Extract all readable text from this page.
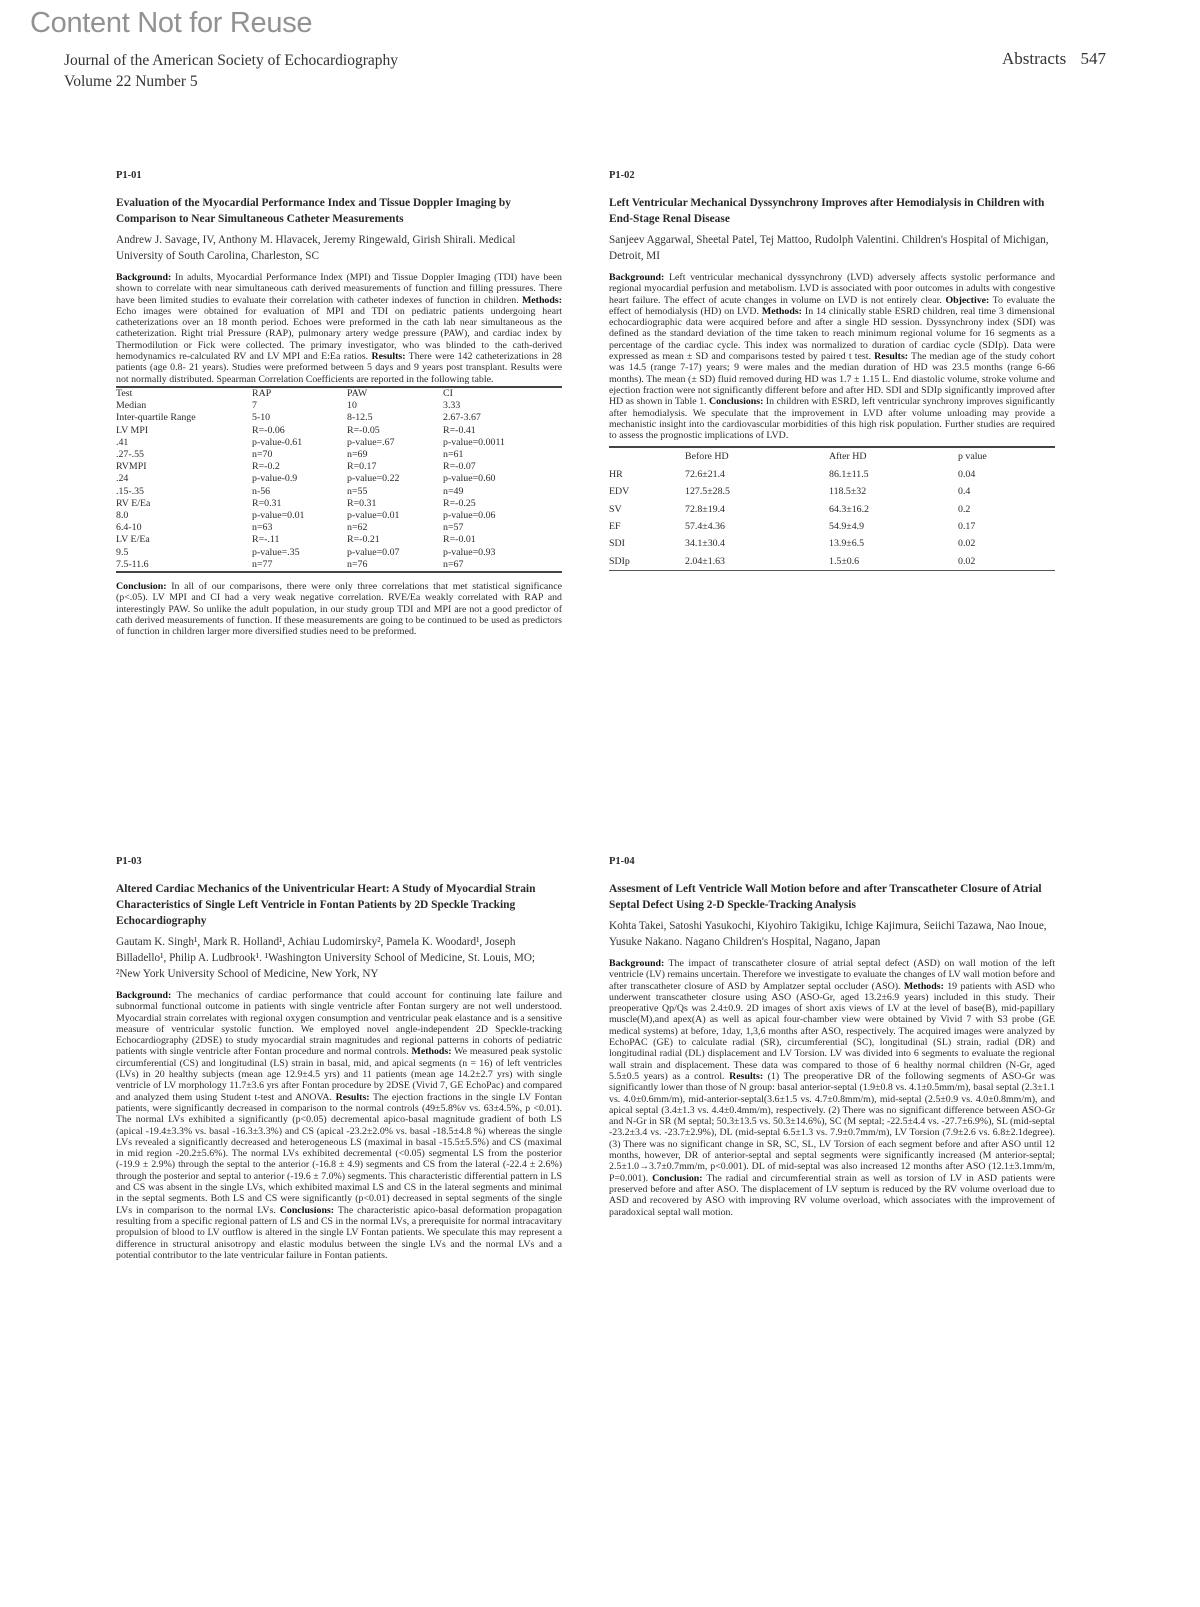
Content Not for Reuse
Journal of the American Society of Echocardiography
Volume 22 Number 5
Abstracts 547
P1-01
Evaluation of the Myocardial Performance Index and Tissue Doppler Imaging by Comparison to Near Simultaneous Catheter Measurements
Andrew J. Savage, IV, Anthony M. Hlavacek, Jeremy Ringewald, Girish Shirali. Medical University of South Carolina, Charleston, SC

Background: In adults, Myocardial Performance Index (MPI) and Tissue Doppler Imaging (TDI) have been shown to correlate with near simultaneous cath derived measurements of function and filling pressures. There have been limited studies to evaluate their correlation with catheter indexes of function in children. Methods: Echo images were obtained for evaluation of MPI and TDI on pediatric patients undergoing heart catheterizations over an 18 month period. Echoes were preformed in the cath lab near simultaneous as the catheterization. Right trial Pressure (RAP), pulmonary artery wedge pressure (PAW), and cardiac index by Thermodilution or Fick were collected. The primary investigator, who was blinded to the cath-derived hemodynamics re-calculated RV and LV MPI and E:Ea ratios. Results: There were 142 catheterizations in 28 patients (age 0.8- 21 years). Studies were preformed between 5 days and 9 years post transplant. Results were not normally distributed. Spearman Correlation Coefficients are reported in the following table.

Test	RAP	PAW	CI
Median	7	10	3.33
Inter-quartile Range	5-10	8-12.5	2.67-3.67
LV MPI	R=-0.06	R=-0.05	R=-0.41
.41	p-value-0.61	p-value=.67	p-value=0.0011
.27-.55	n=70	n=69	n=61
RVMPI	R=-0.2	R=0.17	R=-0.07
.24	p-value-0.9	p-value=0.22	p-value=0.60
.15-.35	n-56	n=55	n=49
RV E/Ea	R=0.31	R=0.31	R=-0.25
8.0	p-value=0.01	p-value=0.01	p-value=0.06
6.4-10	n=63	n=62	n=57
LV E/Ea	R=-.11	R=-0.21	R=-0.01
9.5	p-value=.35	p-value=0.07	p-value=0.93
7.5-11.6	n=77	n=76	n=67

Conclusion: In all of our comparisons, there were only three correlations that met statistical significance (p<.05). LV MPI and CI had a very weak negative correlation. RVE/Ea weakly correlated with RAP and interestingly PAW. So unlike the adult population, in our study group TDI and MPI are not a good predictor of cath derived measurements of function. If these measurements are going to be continued to be used as predictors of function in children larger more diversified studies need to be preformed.

P1-02
Left Ventricular Mechanical Dyssynchrony Improves after Hemodialysis in Children with End-Stage Renal Disease
Sanjeev Aggarwal, Sheetal Patel, Tej Mattoo, Rudolph Valentini. Children's Hospital of Michigan, Detroit, MI

Background: Left ventricular mechanical dyssynchrony (LVD) adversely affects systolic performance and regional myocardial perfusion and metabolism. LVD is associated with poor outcomes in adults with congestive heart failure. The effect of acute changes in volume on LVD is not entirely clear. Objective: To evaluate the effect of hemodialysis (HD) on LVD. Methods: In 14 clinically stable ESRD children, real time 3 dimensional echocardiographic data were acquired before and after a single HD session. Dyssynchrony index (SDI) was defined as the standard deviation of the time taken to reach minimum regional volume for 16 segments as a percentage of the cardiac cycle. This index was normalized to duration of cardiac cycle (SDIp). Data were expressed as mean ± SD and comparisons tested by paired t test. Results: The median age of the study cohort was 14.5 (range 7-17) years; 9 were males and the median duration of HD was 23.5 months (range 6-66 months). The mean (± SD) fluid removed during HD was 1.7 ± 1.15 L. End diastolic volume, stroke volume and ejection fraction were not significantly different before and after HD. SDI and SDIp significantly improved after HD as shown in Table 1. Conclusions: In children with ESRD, left ventricular synchrony improves significantly after hemodialysis. We speculate that the improvement in LVD after volume unloading may provide a mechanistic insight into the cardiovascular morbidities of this high risk population. Further studies are required to assess the prognostic implications of LVD.

	Before HD	After HD	p value
HR	72.6±21.4	86.1±11.5	0.04
EDV	127.5±28.5	118.5±32	0.4
SV	72.8±19.4	64.3±16.2	0.2
EF	57.4±4.36	54.9±4.9	0.17
SDI	34.1±30.4	13.9±6.5	0.02
SDIp	2.04±1.63	1.5±0.6	0.02
P1-03
Altered Cardiac Mechanics of the Univentricular Heart: A Study of Myocardial Strain Characteristics of Single Left Ventricle in Fontan Patients by 2D Speckle Tracking Echocardiography
Gautam K. Singh¹, Mark R. Holland¹, Achiau Ludomirsky², Pamela K. Woodard¹, Joseph Billadello¹, Philip A. Ludbrook¹. ¹Washington University School of Medicine, St. Louis, MO; ²New York University School of Medicine, New York, NY

Background: The mechanics of cardiac performance that could account for continuing late failure and subnormal functional outcome in patients with single ventricle after Fontan surgery are not well understood. Myocardial strain correlates with regional oxygen consumption and ventricular peak elastance and is a sensitive measure of ventricular systolic function. We employed novel angle-independent 2D Speckle-tracking Echocardiography (2DSE) to study myocardial strain magnitudes and regional patterns in cohorts of pediatric patients with single ventricle after Fontan procedure and normal controls. Methods: We measured peak systolic circumferential (CS) and longitudinal (LS) strain in basal, mid, and apical segments (n = 16) of left ventricles (LVs) in 20 healthy subjects (mean age 12.9±4.5 yrs) and 11 patients (mean age 14.2±2.7 yrs) with single ventricle of LV morphology 11.7±3.6 yrs after Fontan procedure by 2DSE (Vivid 7, GE EchoPac) and compared and analyzed them using Student t-test and ANOVA. Results: The ejection fractions in the single LV Fontan patients, were significantly decreased in comparison to the normal controls (49±5.8%v vs. 63±4.5%, p <0.01). The normal LVs exhibited a significantly (p<0.05) decremental apico-basal magnitude gradient of both LS (apical -19.4±3.3% vs. basal -16.3±3.3%) and CS (apical -23.2±2.0% vs. basal -18.5±4.8 %) whereas the single LVs revealed a significantly decreased and heterogeneous LS (maximal in basal -15.5±5.5%) and CS (maximal in mid region -20.2±5.6%). The normal LVs exhibited decremental (<0.05) segmental LS from the posterior (-19.9 ± 2.9%) through the septal to the anterior (-16.8 ± 4.9) segments and CS from the lateral (-22.4 ± 2.6%) through the posterior and septal to anterior (-19.6 ± 7.0%) segments. This characteristic differential pattern in LS and CS was absent in the single LVs, which exhibited maximal LS and CS in the lateral segments and minimal in the septal segments. Both LS and CS were significantly (p<0.01) decreased in septal segments of the single LVs in comparison to the normal LVs. Conclusions: The characteristic apico-basal deformation propagation resulting from a specific regional pattern of LS and CS in the normal LVs, a prerequisite for normal intracavitary propulsion of blood to LV outflow is altered in the single LV Fontan patients. We speculate this may represent a difference in structural anisotropy and elastic modulus between the single LVs and the normal LVs and a potential contributor to the late ventricular failure in Fontan patients.

P1-04
Assesment of Left Ventricle Wall Motion before and after Transcatheter Closure of Atrial Septal Defect Using 2-D Speckle-Tracking Analysis
Kohta Takei, Satoshi Yasukochi, Kiyohiro Takigiku, Ichige Kajimura, Seiichi Tazawa, Nao Inoue, Yusuke Nakano. Nagano Children's Hospital, Nagano, Japan

Background: The impact of transcatheter closure of atrial septal defect (ASD) on wall motion of the left ventricle (LV) remains uncertain. Therefore we investigate to evaluate the changes of LV wall motion before and after transcatheter closure of ASD by Amplatzer septal occluder (ASO). Methods: 19 patients with ASD who underwent transcatheter closure using ASO (ASO-Gr, aged 13.2±6.9 years) included in this study. Their preoperative Qp/Qs was 2.4±0.9. 2D images of short axis views of LV at the level of base(B), mid-papillary muscle(M),and apex(A) as well as apical four-chamber view were obtained by Vivid 7 with S3 probe (GE medical systems) at before, 1day, 1,3,6 months after ASO, respectively. The acquired images were analyzed by EchoPAC (GE) to calculate radial (SR), circumferential (SC), longitudinal (SL) strain, radial (DR) and longitudinal radial (DL) displacement and LV Torsion. LV was divided into 6 segments to evaluate the regional wall strain and displacement. These data was compared to those of 6 healthy normal children (N-Gr, aged 5.5±0.5 years) as a control. Results: (1) The preoperative DR of the following segments of ASO-Gr was significantly lower than those of N group: basal anterior-septal (1.9±0.8 vs. 4.1±0.5mm/m), basal septal (2.3±1.1 vs. 4.0±0.6mm/m), mid-anterior-septal(3.6±1.5 vs. 4.7±0.8mm/m), mid-septal (2.5±0.9 vs. 4.0±0.8mm/m), and apical septal (3.4±1.3 vs. 4.4±0.4mm/m), respectively. (2) There was no significant difference between ASO-Gr and N-Gr in SR (M septal; 50.3±13.5 vs. 50.3±14.6%), SC (M septal; -22.5±4.4 vs. -27.7±6.9%), SL (mid-septal -23.2±3.4 vs. -23.7±2.9%), DL (mid-septal 6.5±1.3 vs. 7.9±0.7mm/m), LV Torsion (7.9±2.6 vs. 6.8±2.1degree). (3) There was no significant change in SR, SC, SL, LV Torsion of each segment before and after ASO until 12 months, however, DR of anterior-septal and septal segments were significantly increased (M anterior-septal; 2.5±1.0→3.7±0.7mm/m, p<0.001). DL of mid-septal was also increased 12 months after ASO (12.1±3.1mm/m, P=0.001). Conclusion: The radial and circumferential strain as well as torsion of LV in ASD patients were preserved before and after ASO. The displacement of LV septum is reduced by the RV volume overload due to ASD and recovered by ASO with improving RV volume overload, which associates with the improvement of paradoxical septal wall motion.
